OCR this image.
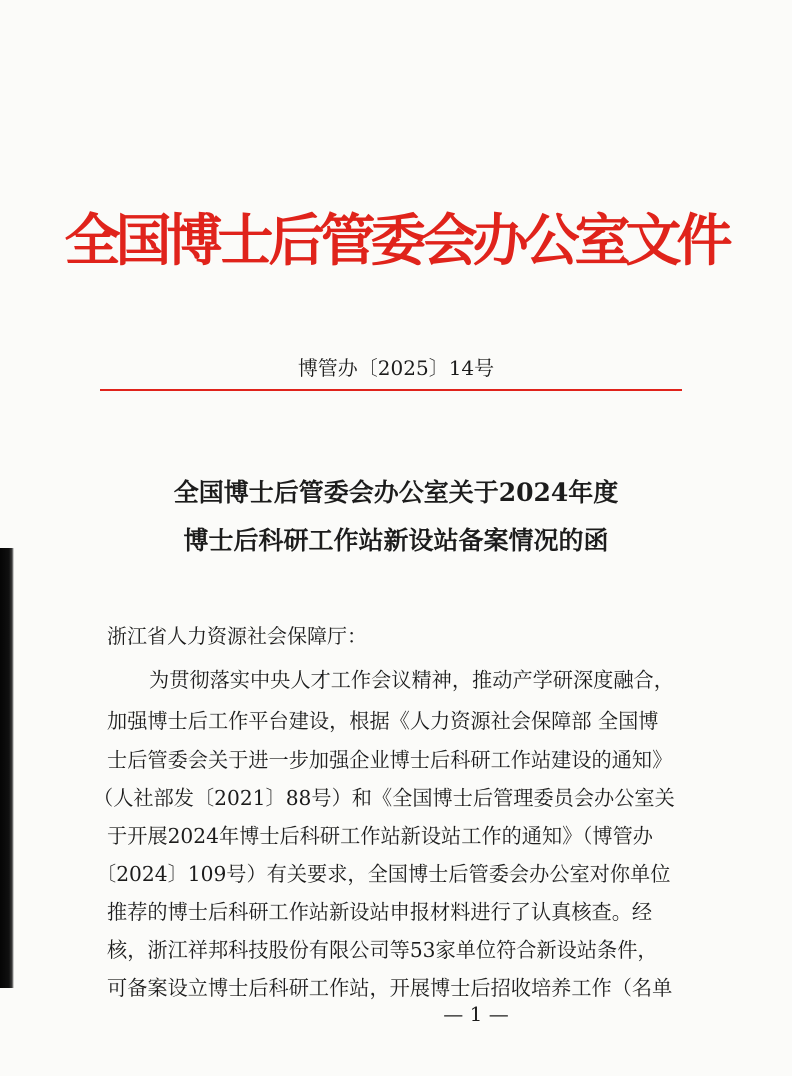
全国博士后管委会办公室文件
博管办〔2025〕14号
全国博士后管委会办公室关于2024年度
博士后科研工作站新设站备案情况的函
浙江省人力资源社会保障厅：
为贯彻落实中央人才工作会议精神，推动产学研深度融合，
加强博士后工作平台建设，根据《人力资源社会保障部 全国博
士后管委会关于进一步加强企业博士后科研工作站建设的通知》
（人社部发〔2021〕88号）和《全国博士后管理委员会办公室关
于开展2024年博士后科研工作站新设站工作的通知》（博管办
〔2024〕109号）有关要求，全国博士后管委会办公室对你单位
推荐的博士后科研工作站新设站申报材料进行了认真核查。经
核，浙江祥邦科技股份有限公司等53家单位符合新设站条件，
可备案设立博士后科研工作站，开展博士后招收培养工作（名单
— 1 —
